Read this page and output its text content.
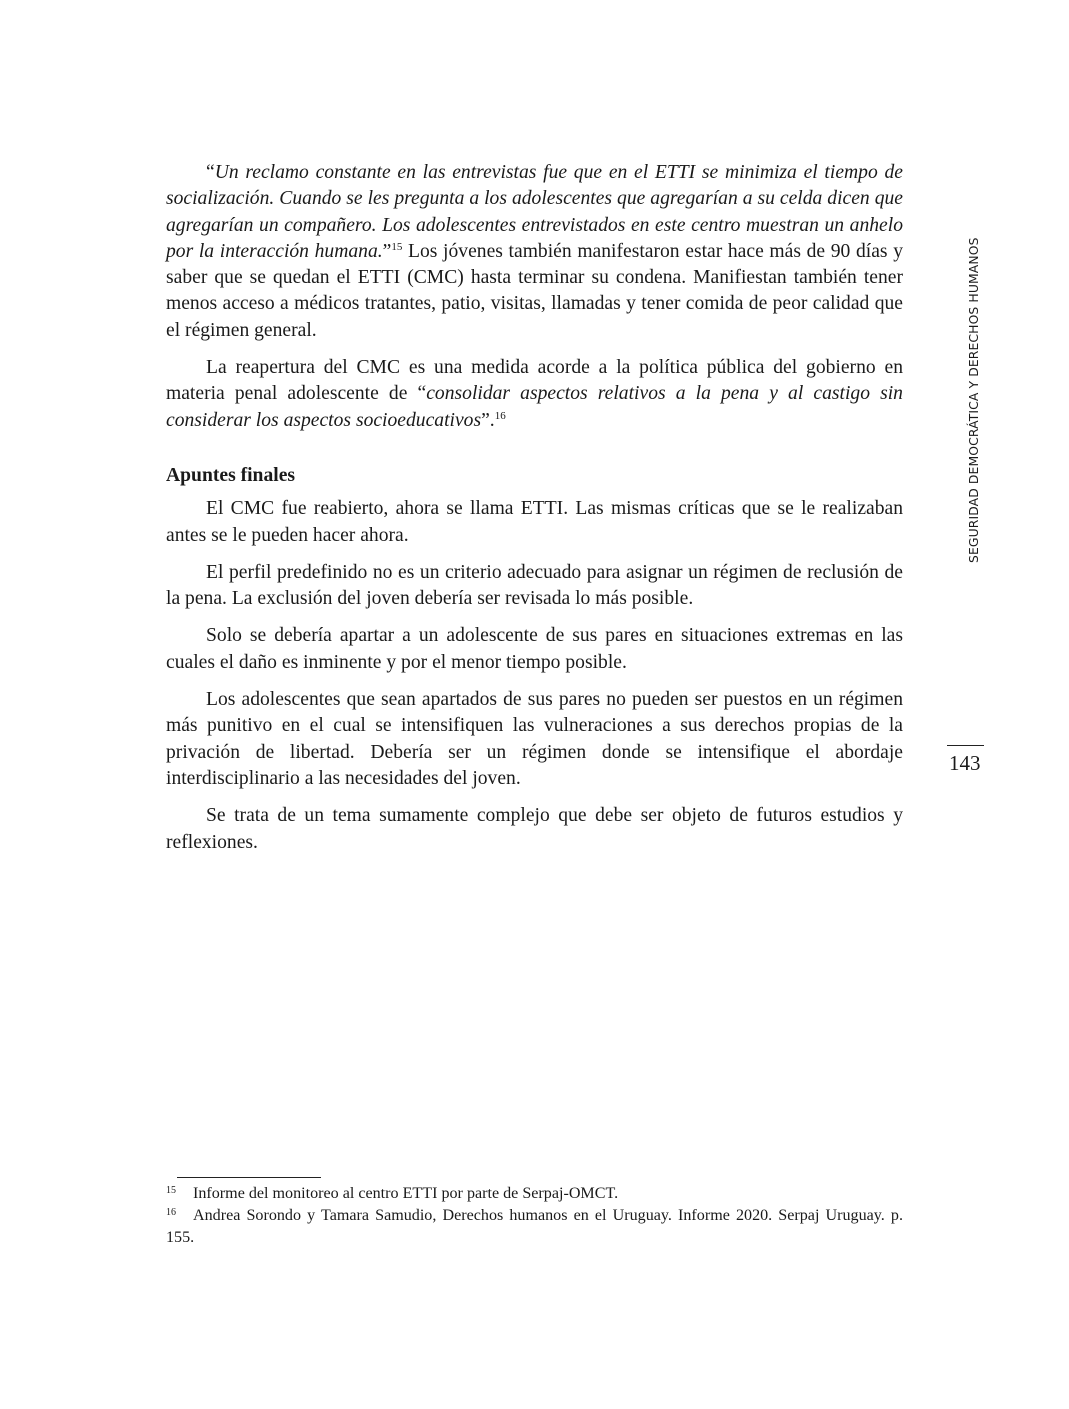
“Un reclamo constante en las entrevistas fue que en el ETTI se minimiza el tiempo de socialización. Cuando se les pregunta a los adolescentes que agregarían a su celda dicen que agregarían un compañero. Los adolescentes entrevistados en este centro muestran un anhelo por la interacción humana.”$^{15}$ Los jóvenes también manifestaron estar hace más de 90 días y saber que se quedan el ETTI (CMC) hasta terminar su condena. Manifiestan también tener menos acceso a médicos tratantes, patio, visitas, llamadas y tener comida de peor calidad que el régimen general.

La reapertura del CMC es una medida acorde a la política pública del gobierno en materia penal adolescente de “consolidar aspectos relativos a la pena y al castigo sin considerar los aspectos socioeducativos”.$^{16}$

Apuntes finales

El CMC fue reabierto, ahora se llama ETTI. Las mismas críticas que se le realizaban antes se le pueden hacer ahora.

El perfil predefinido no es un criterio adecuado para asignar un régimen de reclusión de la pena. La exclusión del joven debería ser revisada lo más posible.

Solo se debería apartar a un adolescente de sus pares en situaciones extremas en las cuales el daño es inminente y por el menor tiempo posible.

Los adolescentes que sean apartados de sus pares no pueden ser puestos en un régimen más punitivo en el cual se intensifiquen las vulneraciones a sus derechos propias de la privación de libertad. Debería ser un régimen donde se intensifique el abordaje interdisciplinario a las necesidades del joven.

Se trata de un tema sumamente complejo que debe ser objeto de futuros estudios y reflexiones.

SEGURIDAD DEMOCRÁTICA Y DERECHOS HUMANOS
143

15 Informe del monitoreo al centro ETTI por parte de Serpaj-OMCT.

16 Andrea Sorondo y Tamara Samudio, Derechos humanos en el Uruguay. Informe 2020. Serpaj Uruguay. p. 155.
